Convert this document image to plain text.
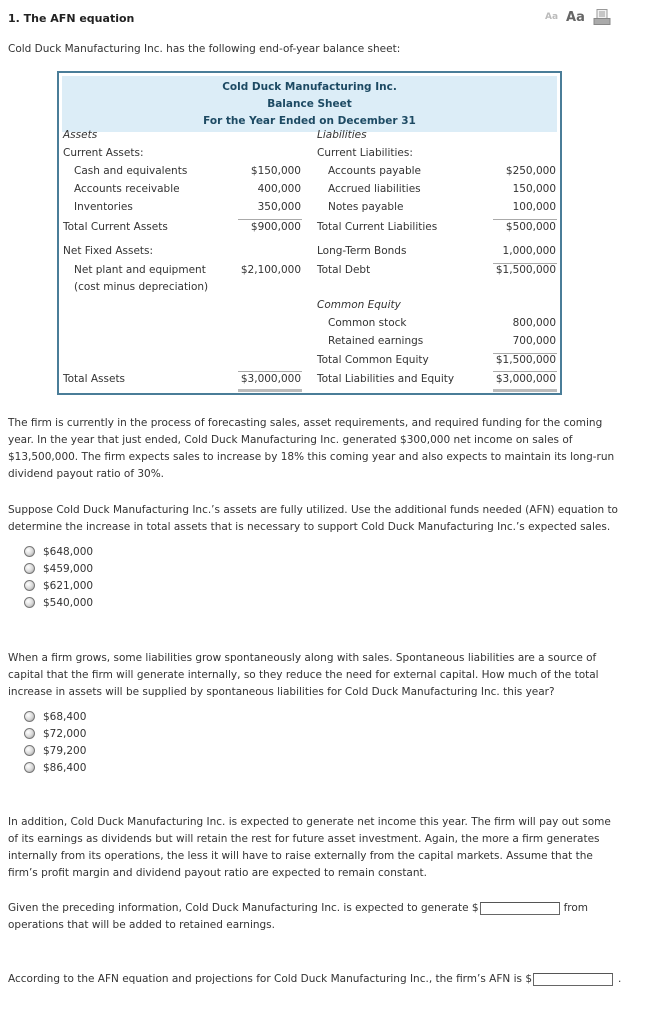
1. The AFN equation	Aa Aa
Cold Duck Manufacturing Inc. has the following end-of-year balance sheet:
Cold Duck Manufacturing Inc.
Balance Sheet
For the Year Ended on December 31
Assets	Liabilities
Current Assets:	Current Liabilities:
Cash and equivalents	$150,000	Accounts payable	$250,000
Accounts receivable	400,000	Accrued liabilities	150,000
Inventories	350,000	Notes payable	100,000
Total Current Assets	$900,000 Total Current Liabilities	$500,000
Net Fixed Assets:	Long-Term Bonds	1,000,000
Net plant and equipment	$2,100,000 Total Debt	$1,500,000
(cost minus depreciation)
Common Equity
Common stock	800,000
Retained earnings	700,000
Total Common Equity	$1,500,000
Total Assets	$3,000,000 Total Liabilities and Equity	$3,000,000
The firm is currently in the process of forecasting sales, asset requirements, and required funding for the coming year. In the year that just ended, Cold Duck Manufacturing Inc. generated $300,000 net income on sales of $13,500,000. The firm expects sales to increase by 18% this coming year and also expects to maintain its long-run dividend payout ratio of 30%.
Suppose Cold Duck Manufacturing Inc.’s assets are fully utilized. Use the additional funds needed (AFN) equation to determine the increase in total assets that is necessary to support Cold Duck Manufacturing Inc.’s expected sales.
$648,000
$459,000
$621,000
$540,000
When a firm grows, some liabilities grow spontaneously along with sales. Spontaneous liabilities are a source of capital that the firm will generate internally, so they reduce the need for external capital. How much of the total increase in assets will be supplied by spontaneous liabilities for Cold Duck Manufacturing Inc. this year?
$68,400
$72,000
$79,200
$86,400
In addition, Cold Duck Manufacturing Inc. is expected to generate net income this year. The firm will pay out some of its earnings as dividends but will retain the rest for future asset investment. Again, the more a firm generates internally from its operations, the less it will have to raise externally from the capital markets. Assume that the firm’s profit margin and dividend payout ratio are expected to remain constant.
Given the preceding information, Cold Duck Manufacturing Inc. is expected to generate $	from
operations that will be added to retained earnings.
According to the AFN equation and projections for Cold Duck Manufacturing Inc., the firm’s AFN is $	.
